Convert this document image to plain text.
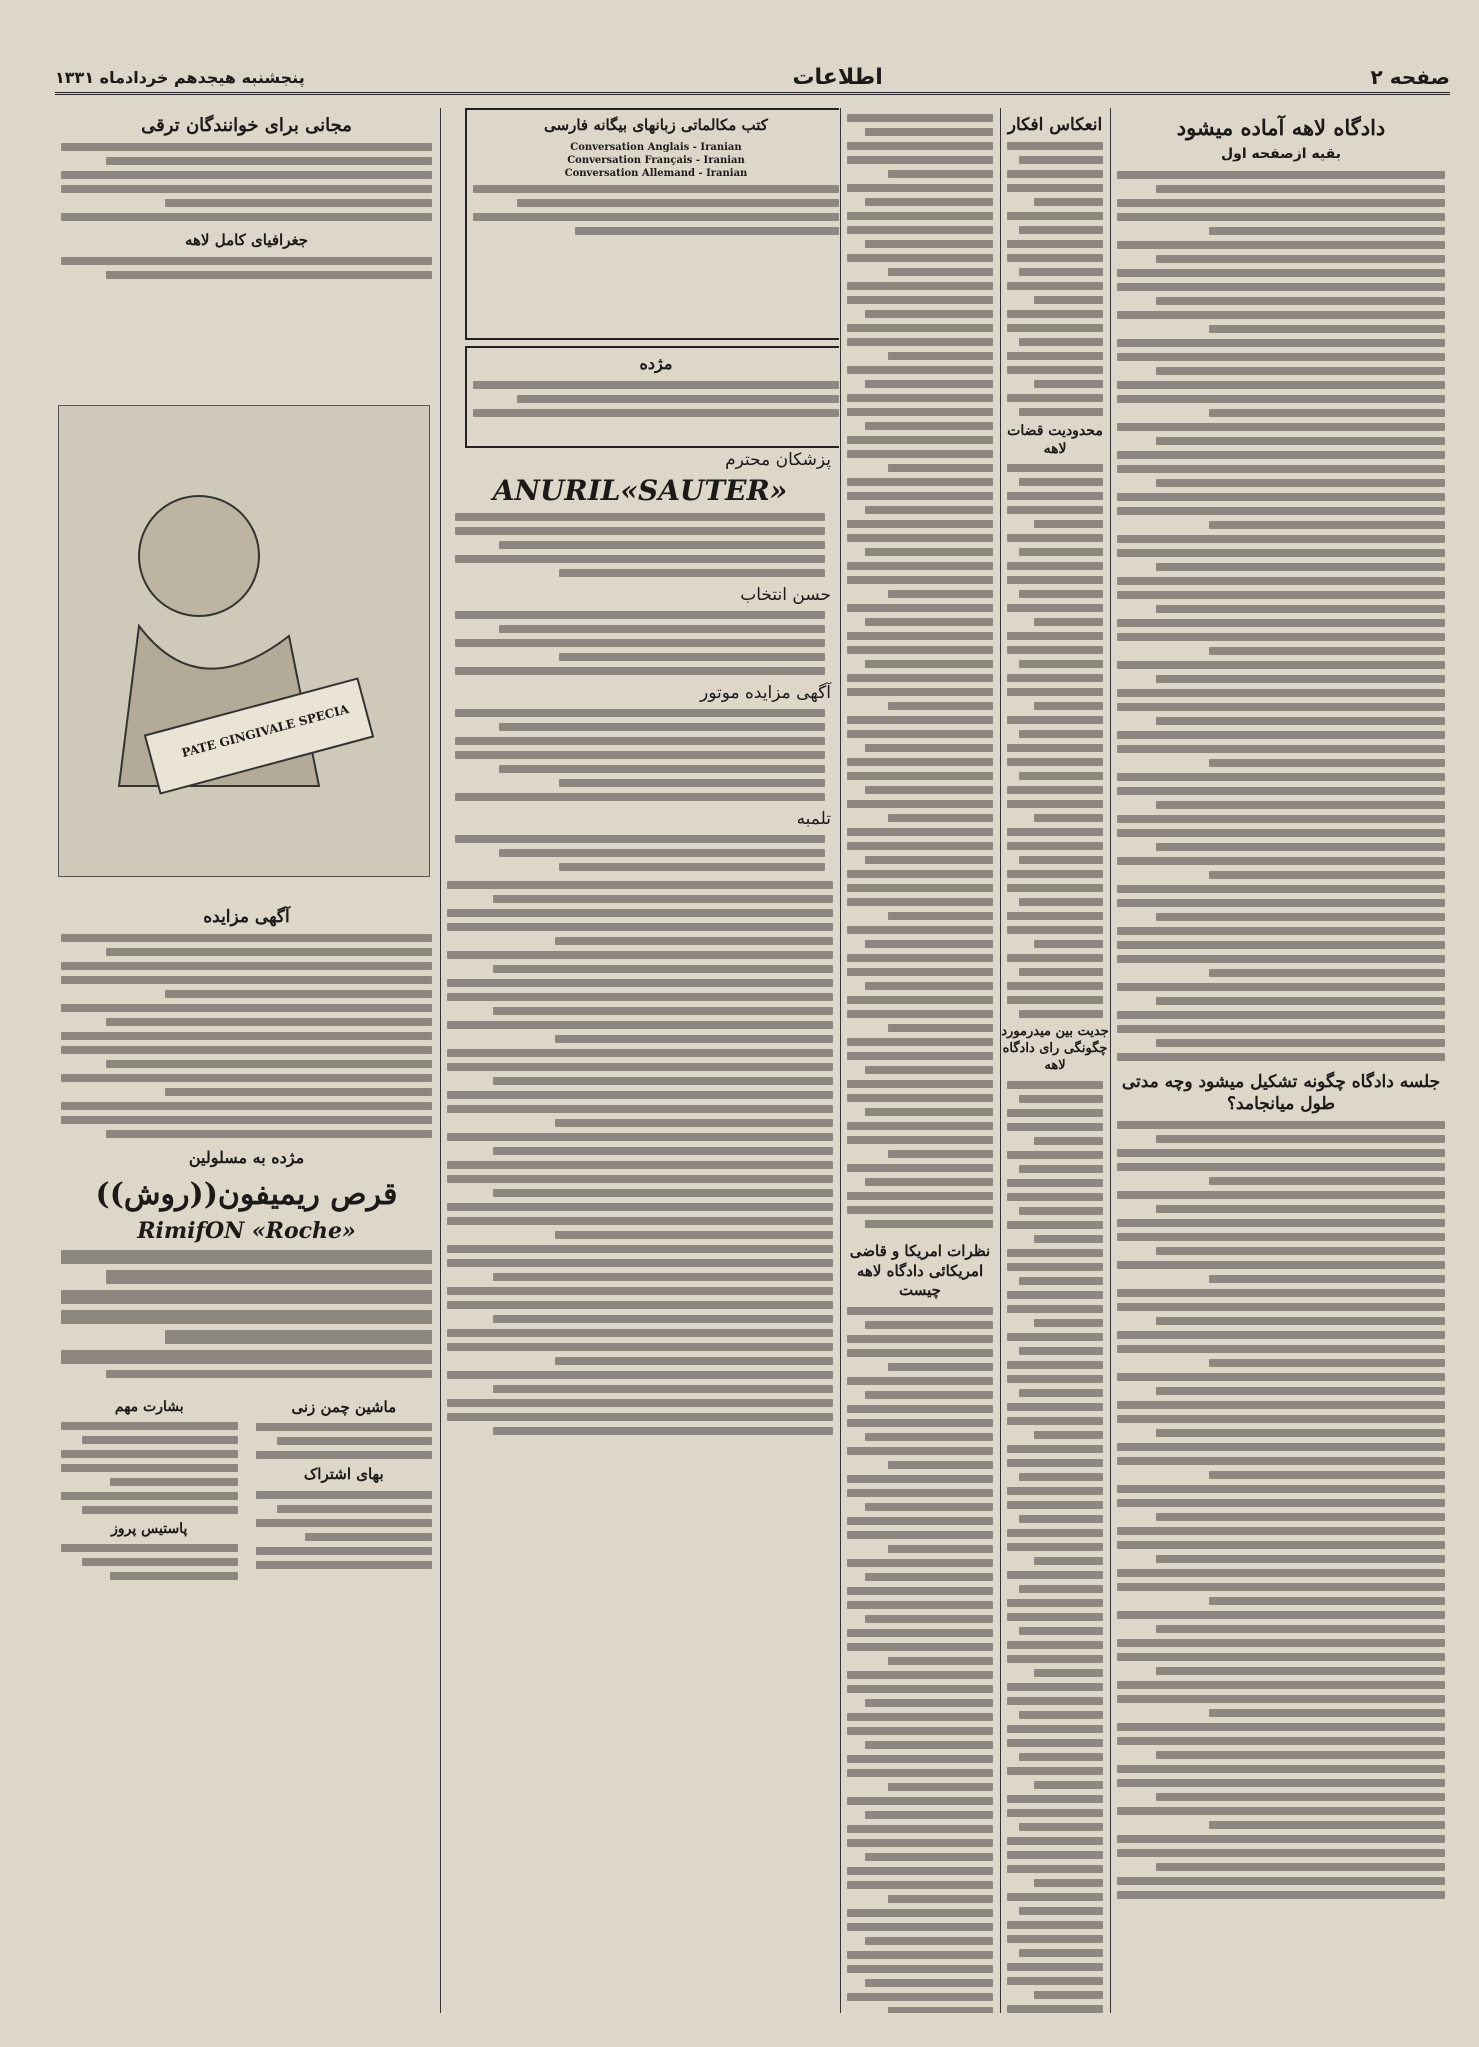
صفحه ۲
اطلاعات
پنجشنبه هیجدهم خردادماه ۱۳۳۱
دادگاه لاهه آماده میشود
بقیه ازصفحه اول
جلسه دادگاه چگونه تشکیل میشود وچه مدتی طول میانجامد؟
انعکاس افکار
محدودیت قضات لاهه
جدیت بین میدرمورد چگونگی رای دادگاه لاهه
نظرات امریکا و قاضی امریکائی دادگاه لاهه چیست
کتب مکالماتی زبانهای بیگانه فارسی
Conversation Anglais - Iranian
Conversation Français - Iranian
Conversation Allemand - Iranian
مژده
پزشکان محترم
ANURIL«SAUTER»
حسن انتخاب
آگهی مزایده موتور
تلمبه
مجانی برای خوانندگان ترقی
جغرافیای کامل لاهه
PATE GINGIVALE SPECIA
آگهی مزایده
مژده به مسلولین
قرص ریمیفون((روش))
RimifON «Roche»
ماشین چمن زنی
بهای اشتراک
بشارت مهم
پاستیس پروز
